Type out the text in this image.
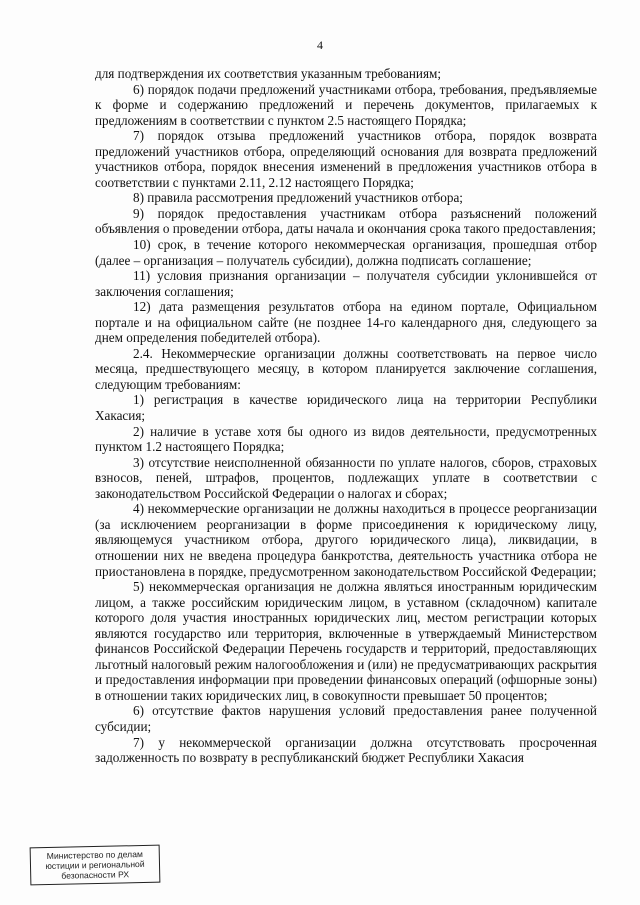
4

для подтверждения их соответствия указанным требованиям;

6) порядок подачи предложений участниками отбора, требования, предъявляемые к форме и содержанию предложений и перечень документов, прилагаемых к предложениям в соответствии с пунктом 2.5 настоящего Порядка;

7) порядок отзыва предложений участников отбора, порядок возврата предложений участников отбора, определяющий основания для возврата предложений участников отбора, порядок внесения изменений в предложения участников отбора в соответствии с пунктами 2.11, 2.12 настоящего Порядка;

8) правила рассмотрения предложений участников отбора;

9) порядок предоставления участникам отбора разъяснений положений объявления о проведении отбора, даты начала и окончания срока такого предоставления;

10) срок, в течение которого некоммерческая организация, прошедшая отбор (далее – организация – получатель субсидии), должна подписать соглашение;

11) условия признания организации – получателя субсидии уклонившейся от заключения соглашения;

12) дата размещения результатов отбора на едином портале, Официальном портале и на официальном сайте (не позднее 14-го календарного дня, следующего за днем определения победителей отбора).

2.4. Некоммерческие организации должны соответствовать на первое число месяца, предшествующего месяцу, в котором планируется заключение соглашения, следующим требованиям:

1) регистрация в качестве юридического лица на территории Республики Хакасия;

2) наличие в уставе хотя бы одного из видов деятельности, предусмотренных пунктом 1.2 настоящего Порядка;

3) отсутствие неисполненной обязанности по уплате налогов, сборов, страховых взносов, пеней, штрафов, процентов, подлежащих уплате в соответствии с законодательством Российской Федерации о налогах и сборах;

4) некоммерческие организации не должны находиться в процессе реорганизации (за исключением реорганизации в форме присоединения к юридическому лицу, являющемуся участником отбора, другого юридического лица), ликвидации, в отношении них не введена процедура банкротства, деятельность участника отбора не приостановлена в порядке, предусмотренном законодательством Российской Федерации;

5) некоммерческая организация не должна являться иностранным юридическим лицом, а также российским юридическим лицом, в уставном (складочном) капитале которого доля участия иностранных юридических лиц, местом регистрации которых являются государство или территория, включенные в утверждаемый Министерством финансов Российской Федерации Перечень государств и территорий, предоставляющих льготный налоговый режим налогообложения и (или) не предусматривающих раскрытия и предоставления информации при проведении финансовых операций (офшорные зоны) в отношении таких юридических лиц, в совокупности превышает 50 процентов;

6) отсутствие фактов нарушения условий предоставления ранее полученной субсидии;

7) у некоммерческой организации должна отсутствовать просроченная задолженность по возврату в республиканский бюджет Республики Хакасия

Министерство по делам
юстиции и региональной
безопасности РХ
